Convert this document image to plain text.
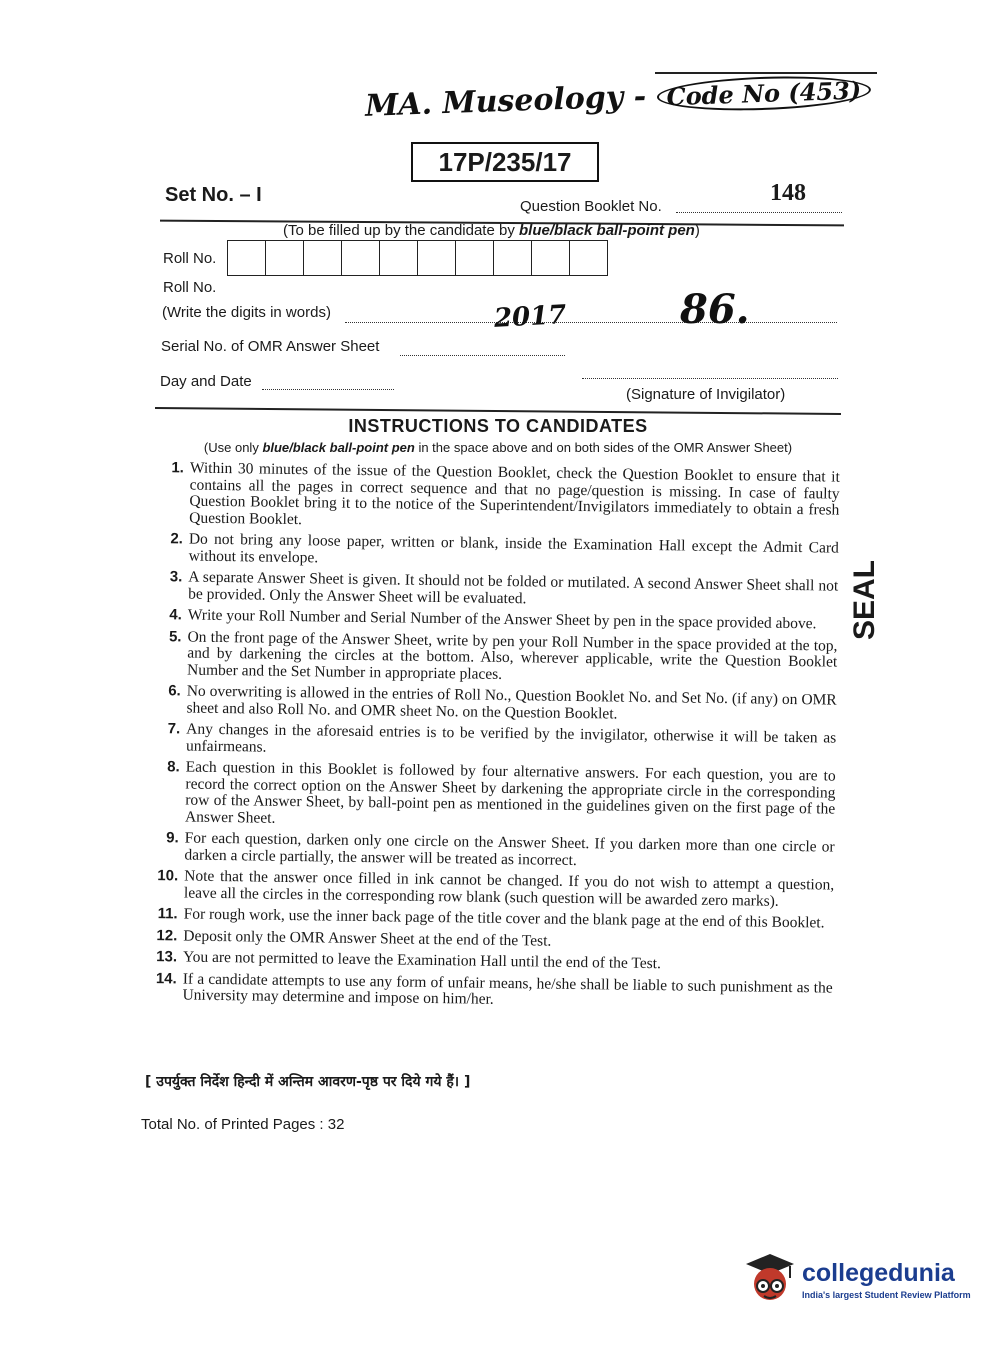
MA. Museology - Code No (453)
17P/235/17
Set No. – I
Question Booklet No.
148
(To be filled up by the candidate by blue/black ball-point pen)
Roll No.
Roll No.
(Write the digits in words)	2017	86.
Serial No. of OMR Answer Sheet
Day and Date
(Signature of Invigilator)
INSTRUCTIONS TO CANDIDATES
(Use only blue/black ball-point pen in the space above and on both sides of the OMR Answer Sheet)
1. Within 30 minutes of the issue of the Question Booklet, check the Question Booklet to ensure that it contains all the pages in correct sequence and that no page/question is missing. In case of faulty Question Booklet bring it to the notice of the Superintendent/Invigilators immediately to obtain a fresh Question Booklet.
2. Do not bring any loose paper, written or blank, inside the Examination Hall except the Admit Card without its envelope.
3. A separate Answer Sheet is given. It should not be folded or mutilated. A second Answer Sheet shall not be provided. Only the Answer Sheet will be evaluated.
4. Write your Roll Number and Serial Number of the Answer Sheet by pen in the space provided above.
5. On the front page of the Answer Sheet, write by pen your Roll Number in the space provided at the top, and by darkening the circles at the bottom. Also, wherever applicable, write the Question Booklet Number and the Set Number in appropriate places.
6. No overwriting is allowed in the entries of Roll No., Question Booklet No. and Set No. (if any) on OMR sheet and also Roll No. and OMR sheet No. on the Question Booklet.
7. Any changes in the aforesaid entries is to be verified by the invigilator, otherwise it will be taken as unfairmeans.
8. Each question in this Booklet is followed by four alternative answers. For each question, you are to record the correct option on the Answer Sheet by darkening the appropriate circle in the corresponding row of the Answer Sheet, by ball-point pen as mentioned in the guidelines given on the first page of the Answer Sheet.
9. For each question, darken only one circle on the Answer Sheet. If you darken more than one circle or darken a circle partially, the answer will be treated as incorrect.
10. Note that the answer once filled in ink cannot be changed. If you do not wish to attempt a question, leave all the circles in the corresponding row blank (such question will be awarded zero marks).
11. For rough work, use the inner back page of the title cover and the blank page at the end of this Booklet.
12. Deposit only the OMR Answer Sheet at the end of the Test.
13. You are not permitted to leave the Examination Hall until the end of the Test.
14. If a candidate attempts to use any form of unfair means, he/she shall be liable to such punishment as the University may determine and impose on him/her.
[ उपर्युक्त निर्देश हिन्दी में अन्तिम आवरण-पृष्ठ पर दिये गये हैं। ]
Total No. of Printed Pages : 32
SEAL
collegedunia
India's largest Student Review Platform
